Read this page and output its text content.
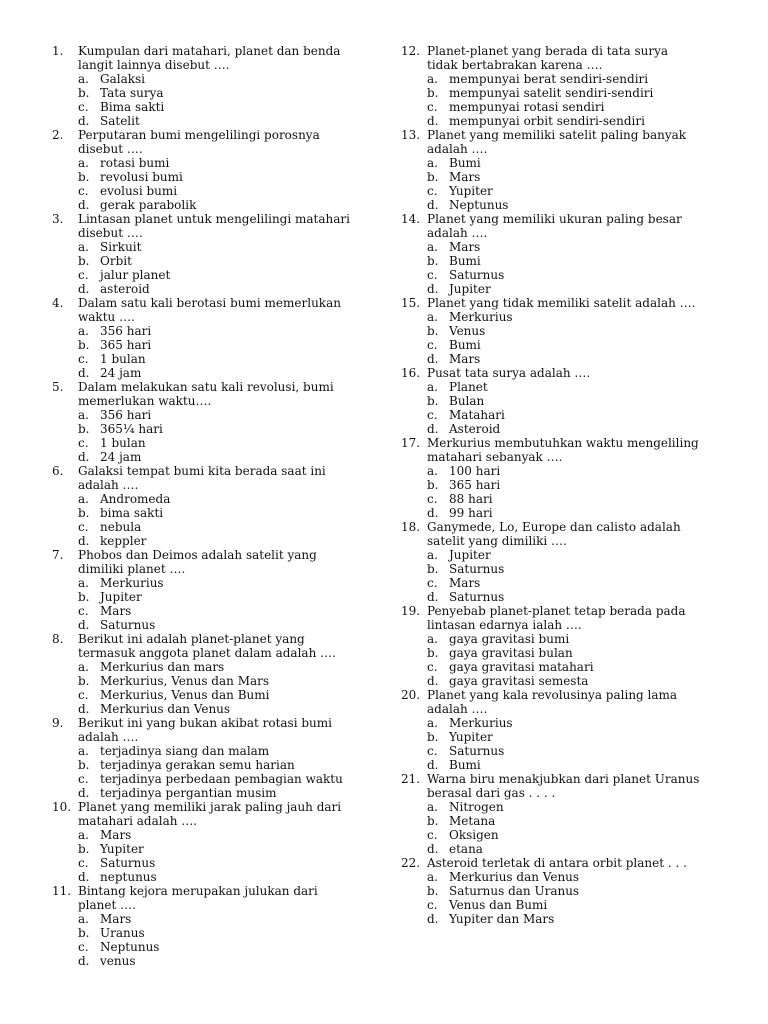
1.	Kumpulan dari matahari, planet dan benda langit lainnya disebut ….
a. Galaksi
b. Tata surya
c. Bima sakti
d. Satelit
2.	Perputaran bumi mengelilingi porosnya disebut ….
a. rotasi bumi
b. revolusi bumi
c. evolusi bumi
d. gerak parabolik
3.	Lintasan planet untuk mengelilingi matahari disebut ….
a. Sirkuit
b. Orbit
c. jalur planet
d. asteroid
4.	Dalam satu kali berotasi bumi memerlukan waktu ….
a. 356 hari
b. 365 hari
c. 1 bulan
d. 24 jam
5.	Dalam melakukan satu kali revolusi, bumi memerlukan waktu….
a. 356 hari
b. 365¼ hari
c. 1 bulan
d. 24 jam
6.	Galaksi tempat bumi kita berada saat ini adalah ….
a. Andromeda
b. bima sakti
c. nebula
d. keppler
7.	Phobos dan Deimos adalah satelit yang dimiliki planet ….
a. Merkurius
b. Jupiter
c. Mars
d. Saturnus
8.	Berikut ini adalah planet-planet yang termasuk anggota planet dalam adalah ….
a. Merkurius dan mars
b. Merkurius, Venus dan Mars
c. Merkurius, Venus dan Bumi
d. Merkurius dan Venus
9.	Berikut ini yang bukan akibat rotasi bumi adalah ….
a. terjadinya siang dan malam
b. terjadinya gerakan semu harian
c. terjadinya perbedaan pembagian waktu
d. terjadinya pergantian musim
10. Planet yang memiliki jarak paling jauh dari matahari adalah ….
a. Mars
b. Yupiter
c. Saturnus
d. neptunus
11. Bintang kejora merupakan julukan dari planet ….
a. Mars
b. Uranus
c. Neptunus
d. venus
12. Planet-planet yang berada di tata surya tidak bertabrakan karena ….
a. mempunyai berat sendiri-sendiri
b. mempunyai satelit sendiri-sendiri
c. mempunyai rotasi sendiri
d. mempunyai orbit sendiri-sendiri
13. Planet yang memiliki satelit paling banyak adalah ….
a. Bumi
b. Mars
c. Yupiter
d. Neptunus
14. Planet yang memiliki ukuran paling besar adalah ….
a. Mars
b. Bumi
c. Saturnus
d. Jupiter
15. Planet yang tidak memiliki satelit adalah ….
a. Merkurius
b. Venus
c. Bumi
d. Mars
16. Pusat tata surya adalah ….
a. Planet
b. Bulan
c. Matahari
d. Asteroid
17. Merkurius membutuhkan waktu mengeliling matahari sebanyak ….
a. 100 hari
b. 365 hari
c. 88 hari
d. 99 hari
18. Ganymede, Lo, Europe dan calisto adalah satelit yang dimiliki ….
a. Jupiter
b. Saturnus
c. Mars
d. Saturnus
19. Penyebab planet-planet tetap berada pada lintasan edarnya ialah ….
a. gaya gravitasi bumi
b. gaya gravitasi bulan
c. gaya gravitasi matahari
d. gaya gravitasi semesta
20. Planet yang kala revolusinya paling lama adalah ….
a. Merkurius
b. Yupiter
c. Saturnus
d. Bumi
21. Warna biru menakjubkan dari planet Uranus berasal dari gas . . . .
a. Nitrogen
b. Metana
c. Oksigen
d. etana
22. Asteroid terletak di antara orbit planet . . .
a. Merkurius dan Venus
b. Saturnus dan Uranus
c. Venus dan Bumi
d. Yupiter dan Mars
